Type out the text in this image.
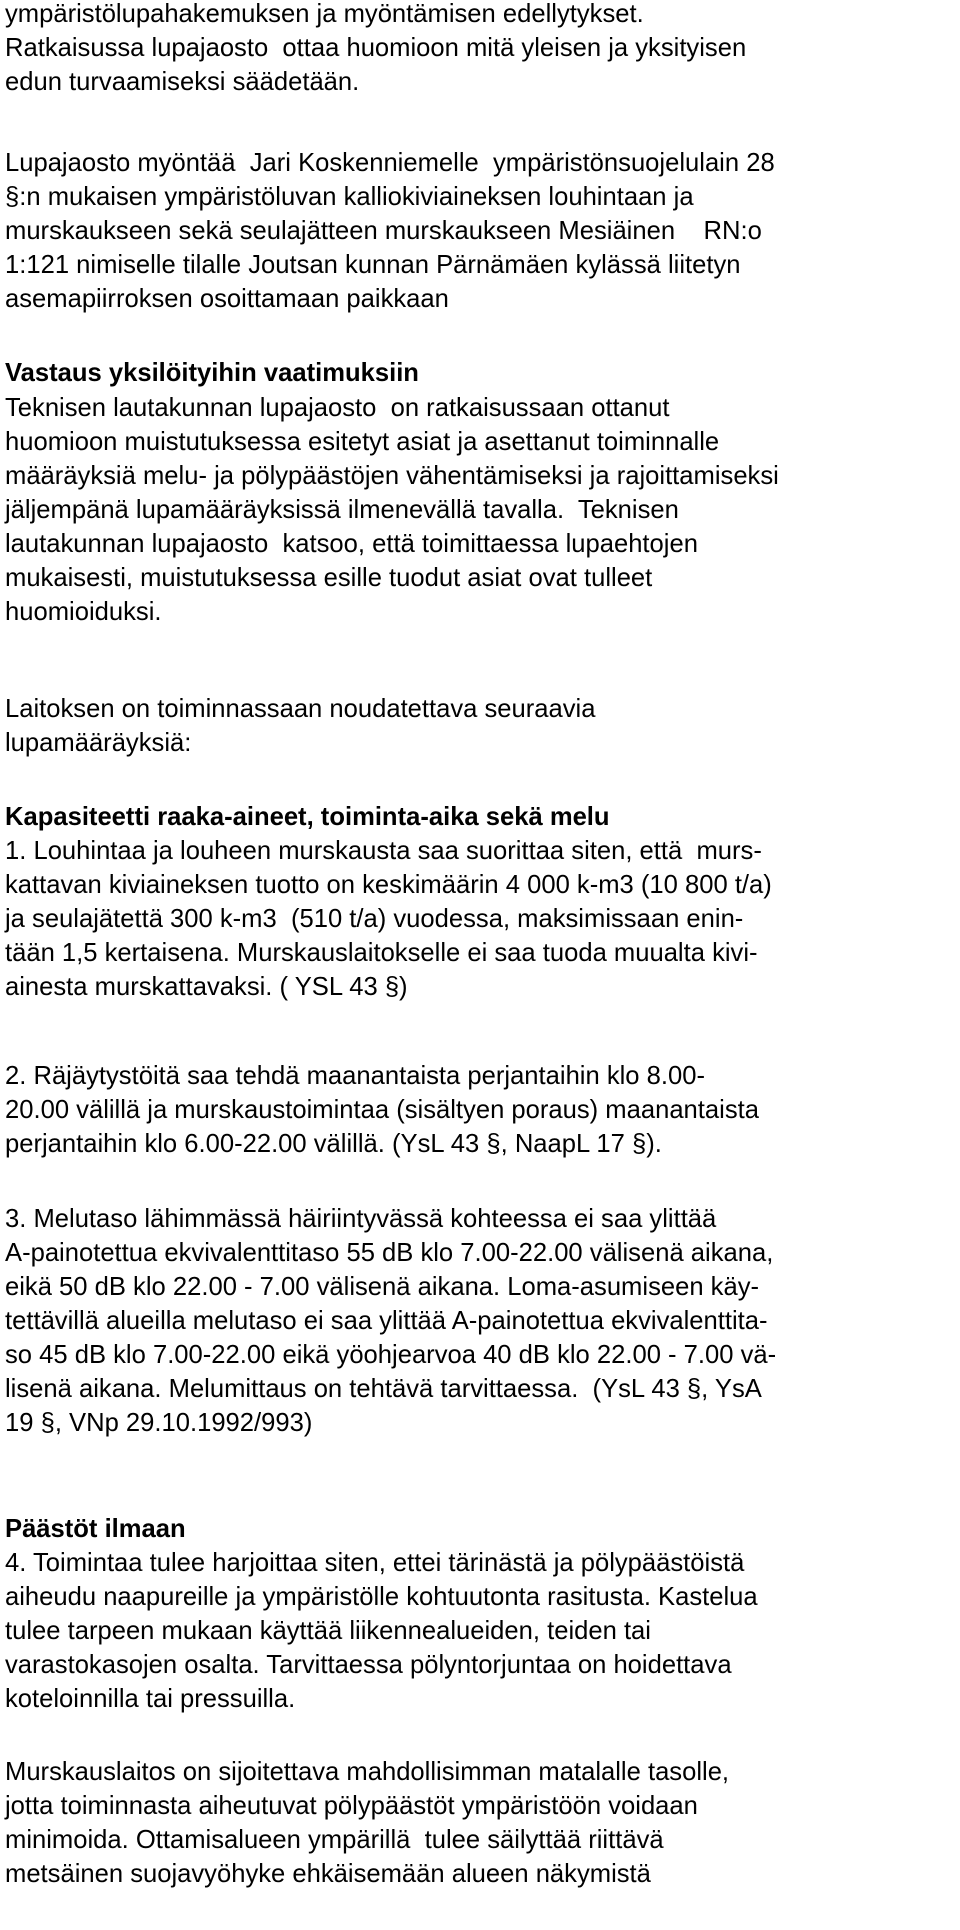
ympäristölupahakemuksen ja myöntämisen edellytykset.
Ratkaisussa lupajaosto  ottaa huomioon mitä yleisen ja yksityisen
edun turvaamiseksi säädetään.
Lupajaosto myöntää  Jari Koskenniemelle  ympäristönsuojelulain 28
§:n mukaisen ympäristöluvan kalliokiviaineksen louhintaan ja
murskaukseen sekä seulajätteen murskaukseen Mesiäinen    RN:o
1:121 nimiselle tilalle Joutsan kunnan Pärnämäen kylässä liitetyn
asemapiirroksen osoittamaan paikkaan
Vastaus yksilöityihin vaatimuksiin
Teknisen lautakunnan lupajaosto  on ratkaisussaan ottanut
huomioon muistutuksessa esitetyt asiat ja asettanut toiminnalle
määräyksiä melu- ja pölypäästöjen vähentämiseksi ja rajoittamiseksi
jäljempänä lupamääräyksissä ilmenevällä tavalla.  Teknisen
lautakunnan lupajaosto  katsoo, että toimittaessa lupaehtojen
mukaisesti, muistutuksessa esille tuodut asiat ovat tulleet
huomioiduksi.
Laitoksen on toiminnassaan noudatettava seuraavia
lupamääräyksiä:
Kapasiteetti raaka-aineet, toiminta-aika sekä melu
1. Louhintaa ja louheen murskausta saa suorittaa siten, että  murs-
kattavan kiviaineksen tuotto on keskimäärin 4 000 k-m3 (10 800 t/a)
ja seulajätettä 300 k-m3  (510 t/a) vuodessa, maksimissaan enin-
tään 1,5 kertaisena. Murskauslaitokselle ei saa tuoda muualta kivi-
ainesta murskattavaksi. ( YSL 43 §)
2. Räjäytystöitä saa tehdä maanantaista perjantaihin klo 8.00-
20.00 välillä ja murskaustoimintaa (sisältyen poraus) maanantaista
perjantaihin klo 6.00-22.00 välillä. (YsL 43 §, NaapL 17 §).
3. Melutaso lähimmässä häiriintyvässä kohteessa ei saa ylittää
A-painotettua ekvivalenttitaso 55 dB klo 7.00-22.00 välisenä aikana,
eikä 50 dB klo 22.00 - 7.00 välisenä aikana. Loma-asumiseen käy-
tettävillä alueilla melutaso ei saa ylittää A-painotettua ekvivalenttita-
so 45 dB klo 7.00-22.00 eikä yöohjearvoa 40 dB klo 22.00 - 7.00 vä-
lisenä aikana. Melumittaus on tehtävä tarvittaessa.  (YsL 43 §, YsA
19 §, VNp 29.10.1992/993)
Päästöt ilmaan
4. Toimintaa tulee harjoittaa siten, ettei tärinästä ja pölypäästöistä
aiheudu naapureille ja ympäristölle kohtuutonta rasitusta. Kastelua
tulee tarpeen mukaan käyttää liikennealueiden, teiden tai
varastokasojen osalta. Tarvittaessa pölyntorjuntaa on hoidettava
koteloinnilla tai pressuilla.
Murskauslaitos on sijoitettava mahdollisimman matalalle tasolle,
jotta toiminnasta aiheutuvat pölypäästöt ympäristöön voidaan
minimoida. Ottamisalueen ympärillä  tulee säilyttää riittävä
metsäinen suojavyöhyke ehkäisemään alueen näkymistä
